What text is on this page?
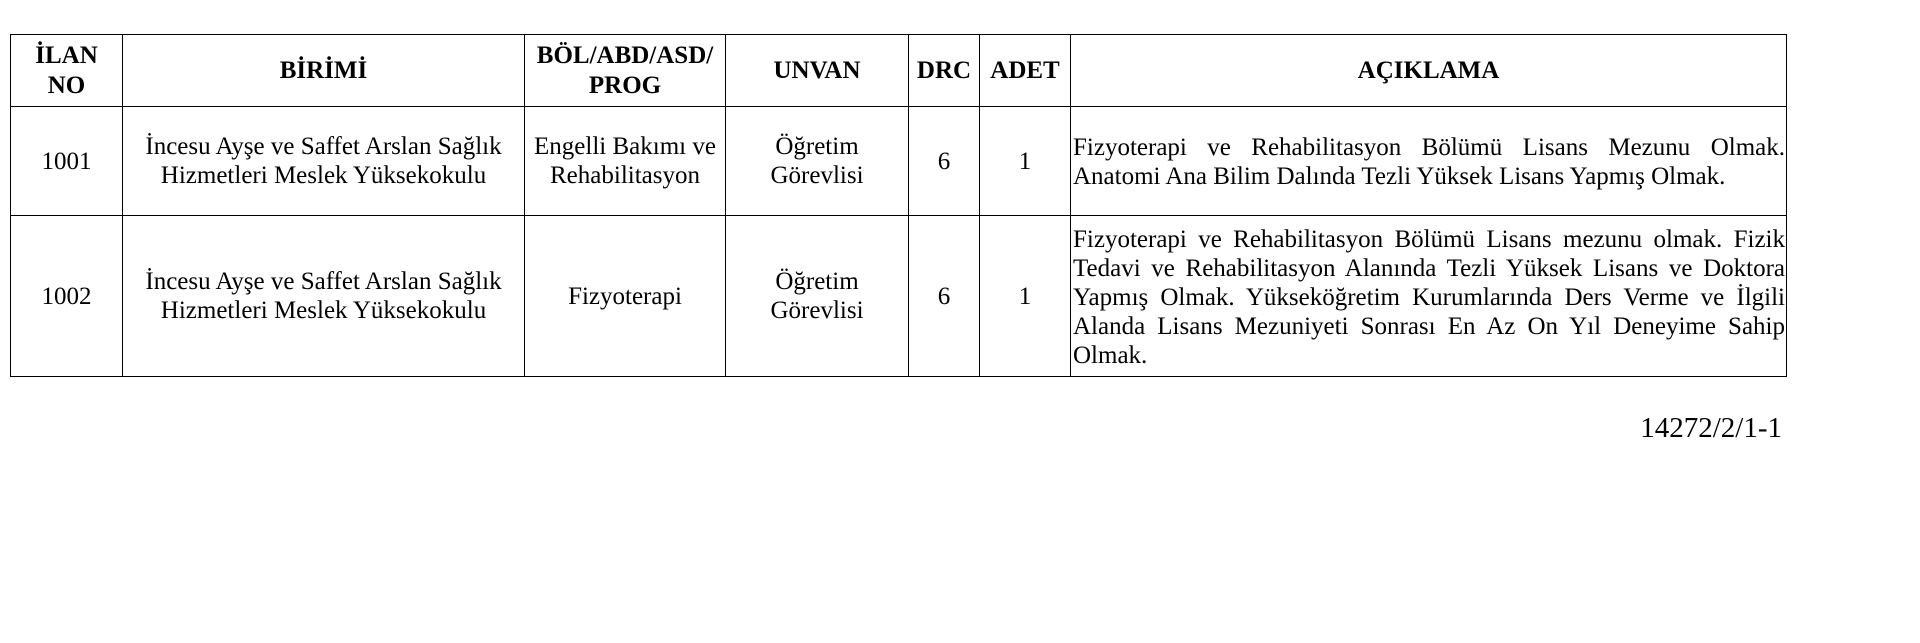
İLAN NO	BİRİMİ	BÖL/ABD/ASD/ PROG	UNVAN	DRC	ADET	AÇIKLAMA
1001	İncesu Ayşe ve Saffet Arslan Sağlık Hizmetleri Meslek Yüksekokulu	Engelli Bakımı ve Rehabilitasyon	Öğretim Görevlisi	6	1	Fizyoterapi ve Rehabilitasyon Bölümü Lisans Mezunu Olmak. Anatomi Ana Bilim Dalında Tezli Yüksek Lisans Yapmış Olmak.
1002	İncesu Ayşe ve Saffet Arslan Sağlık Hizmetleri Meslek Yüksekokulu	Fizyoterapi	Öğretim Görevlisi	6	1	Fizyoterapi ve Rehabilitasyon Bölümü Lisans mezunu olmak. Fizik Tedavi ve Rehabilitasyon Alanında Tezli Yüksek Lisans ve Doktora Yapmış Olmak. Yükseköğretim Kurumlarında Ders Verme ve İlgili Alanda Lisans Mezuniyeti Sonrası En Az On Yıl Deneyime Sahip Olmak.
14272/2/1-1
